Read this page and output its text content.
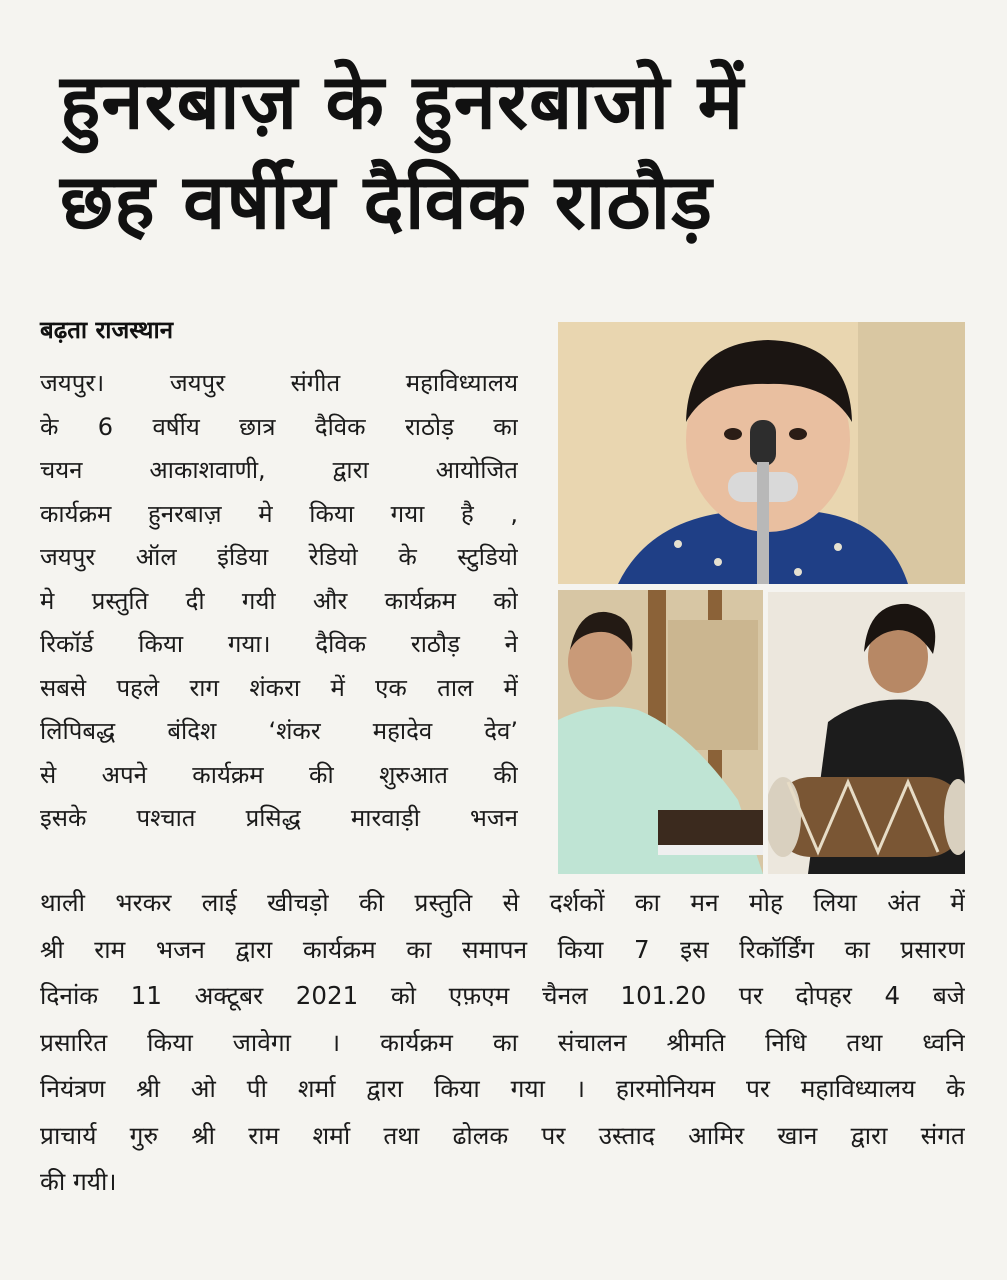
हुनरबाज़ के हुनरबाजो में
छह वर्षीय दैविक राठौड़

बढ़ता राजस्थान

जयपुर। जयपुर संगीत महाविध्यालय
के 6 वर्षीय छात्र दैविक राठोड़ का
चयन आकाशवाणी, द्वारा आयोजित
कार्यक्रम हुनरबाज़ मे किया गया है ,
जयपुर ऑल इंडिया रेडियो के स्टुडियो
मे प्रस्तुति दी गयी और कार्यक्रम को
रिकॉर्ड किया गया। दैविक राठौड़ ने
सबसे पहले राग शंकरा में एक ताल में
लिपिबद्ध बंदिश ‘शंकर महादेव देव’
से अपने कार्यक्रम की शुरुआत की
इसके पश्चात प्रसिद्ध मारवाड़ी भजन
थाली भरकर लाई खीचड़ो की प्रस्तुति से दर्शकों का मन मोह लिया अंत में
श्री राम भजन द्वारा कार्यक्रम का समापन किया 7 इस रिकॉर्डिंग का प्रसारण
दिनांक 11 अक्टूबर 2021 को एफ़एम चैनल 101.20 पर दोपहर 4 बजे
प्रसारित किया जावेगा । कार्यक्रम का संचालन श्रीमति निधि तथा ध्वनि
नियंत्रण श्री ओ पी शर्मा द्वारा किया गया । हारमोनियम पर महाविध्यालय के
प्राचार्य गुरु श्री राम शर्मा तथा ढोलक पर उस्ताद आमिर खान द्वारा संगत
की गयी।
